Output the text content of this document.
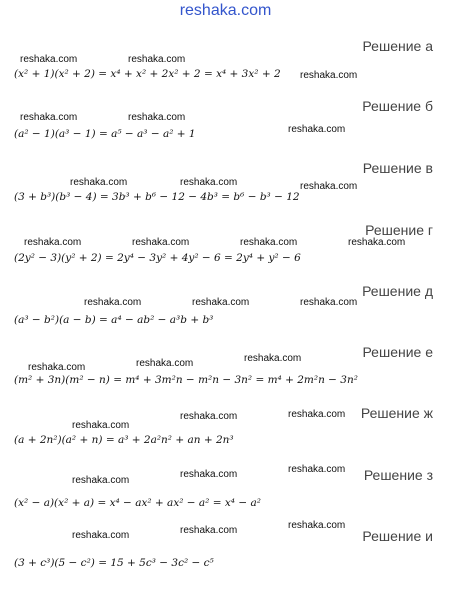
reshaka.com
reshaka.com	reshaka.com
Решение а
reshaka.com
(x² + 1)(x² + 2) = x⁴ + x² + 2x² + 2 = x⁴ + 3x² + 2
Решение б
reshaka.com	reshaka.com
reshaka.com
(a² − 1)(a³ − 1) = a⁵ − a³ − a² + 1
Решение в
reshaka.com	reshaka.com	reshaka.com
(3 + b³)(b³ − 4) = 3b³ + b⁶ − 12 − 4b³ = b⁶ − b³ − 12
Решение г
reshaka.com	reshaka.com	reshaka.com	reshaka.com
(2y² − 3)(y² + 2) = 2y⁴ − 3y² + 4y² − 6 = 2y⁴ + y² − 6
Решение д
reshaka.com	reshaka.com	reshaka.com
(a³ − b²)(a − b) = a⁴ − ab² − a³b + b³
Решение е
reshaka.com
reshaka.com
reshaka.com
(m² + 3n)(m² − n) = m⁴ + 3m²n − m²n − 3n² = m⁴ + 2m²n − 3n²
Решение ж
reshaka.com	reshaka.com
reshaka.com
(a + 2n²)(a² + n) = a³ + 2a²n² + an + 2n³
Решение з
reshaka.com
reshaka.com
reshaka.com
(x² − a)(x² + a) = x⁴ − ax² + ax² − a² = x⁴ − a²
reshaka.com
reshaka.com
reshaka.com	Решение и
(3 + c³)(5 − c²) = 15 + 5c³ − 3c² − c⁵
